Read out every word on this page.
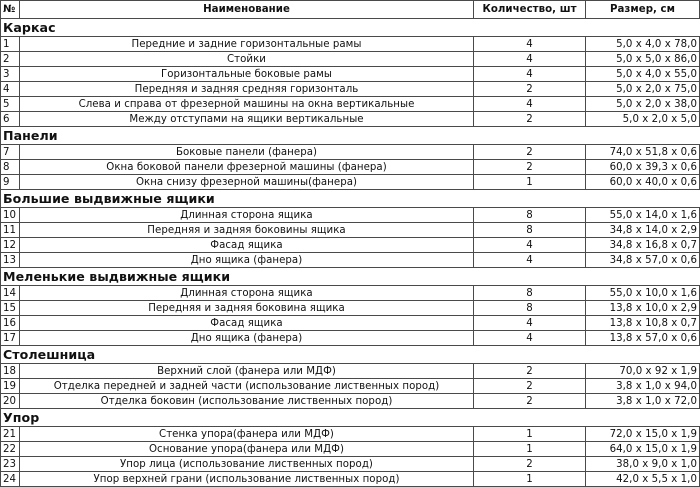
№	Наименование	Количество, шт	Размер, см
Каркас			
1	Передние и задние горизонтальные рамы	4	5,0 x 4,0 x 78,0
2	Стойки	4	5,0 x 5,0 x 86,0
3	Горизонтальные боковые рамы	4	5,0 x 4,0 x 55,0
4	Передняя и задняя средняя горизонталь	2	5,0 x 2,0 x 75,0
5	Слева и справа от фрезерной машины на окна вертикальные	4	5,0 x 2,0 x 38,0
6	Между отступами на ящики вертикальные	2	5,0 x 2,0 x 5,0
Панели			
7	Боковые панели (фанера)	2	74,0 x 51,8 x 0,6
8	Окна боковой панели фрезерной машины (фанера)	2	60,0 x 39,3 x 0,6
9	Окна снизу фрезерной машины(фанера)	1	60,0 x 40,0 x 0,6
Большие выдвижные ящики			
10	Длинная сторона ящика	8	55,0 x 14,0 x 1,6
11	Передняя и задняя боковины ящика	8	34,8 x 14,0 x 2,9
12	Фасад ящика	4	34,8 x 16,8 x 0,7
13	Дно ящика (фанера)	4	34,8 x 57,0 x 0,6
Меленькие выдвижные ящики			
14	Длинная сторона ящика	8	55,0 x 10,0 x 1,6
15	Передняя и задняя боковина ящика	8	13,8 x 10,0 x 2,9
16	Фасад ящика	4	13,8 x 10,8 x 0,7
17	Дно ящика (фанера)	4	13,8 x 57,0 x 0,6
Столешница			
18	Верхний слой (фанера или МДФ)	2	70,0 x 92 x 1,9
19	Отделка передней и задней части (использование лиственных пород)	2	3,8 x 1,0 x 94,0
20	Отделка боковин (использование лиственных пород)	2	3,8 x 1,0 x 72,0
Упор			
21	Стенка упора(фанера или МДФ)	1	72,0 x 15,0 x 1,9
22	Основание упора(фанера или МДФ)	1	64,0 x 15,0 x 1,9
23	Упор лица (использование лиственных пород)	2	38,0 x 9,0 x 1,0
24	Упор верхней грани (использование лиственных пород)	1	42,0 x 5,5 x 1,0
